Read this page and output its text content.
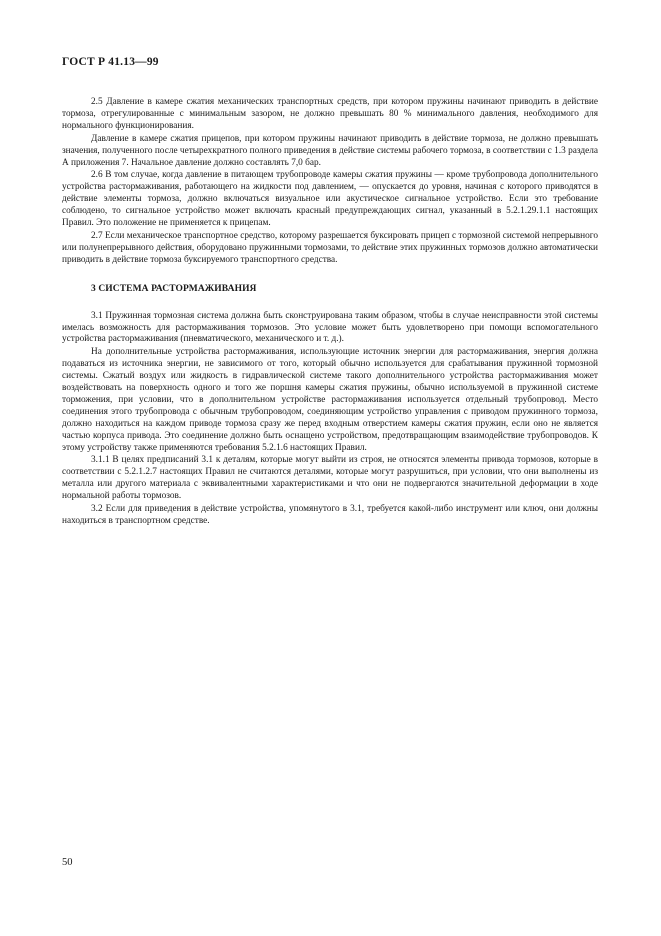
ГОСТ Р 41.13—99

2.5 Давление в камере сжатия механических транспортных средств, при котором пружины начинают приводить в действие тормоза, отрегулированные с минимальным зазором, не должно превышать 80 % минимального давления, необходимого для нормального функционирования.

Давление в камере сжатия прицепов, при котором пружины начинают приводить в действие тормоза, не должно превышать значения, полученного после четырехкратного полного приведения в действие системы рабочего тормоза, в соответствии с 1.3 раздела А приложения 7. Начальное давление должно составлять 7,0 бар.

2.6 В том случае, когда давление в питающем трубопроводе камеры сжатия пружины — кроме трубопровода дополнительного устройства растормаживания, работающего на жидкости под давлением, — опускается до уровня, начиная с которого приводятся в действие элементы тормоза, должно включаться визуальное или акустическое сигнальное устройство. Если это требование соблюдено, то сигнальное устройство может включать красный предупреждающих сигнал, указанный в 5.2.1.29.1.1 настоящих Правил. Это положение не применяется к прицепам.

2.7 Если механическое транспортное средство, которому разрешается буксировать прицеп с тормозной системой непрерывного или полунепрерывного действия, оборудовано пружинными тормозами, то действие этих пружинных тормозов должно автоматически приводить в действие тормоза буксируемого транспортного средства.

3 СИСТЕМА РАСТОРМАЖИВАНИЯ

3.1 Пружинная тормозная система должна быть сконструирована таким образом, чтобы в случае неисправности этой системы имелась возможность для растормаживания тормозов. Это условие может быть удовлетворено при помощи вспомогательного устройства растормаживания (пневматического, механического и т. д.).

На дополнительные устройства растормаживания, использующие источник энергии для растормаживания, энергия должна подаваться из источника энергии, не зависимого от того, который обычно используется для срабатывания пружинной тормозной системы. Сжатый воздух или жидкость в гидравлической системе такого дополнительного устройства растормаживания может воздействовать на поверхность одного и того же поршня камеры сжатия пружины, обычно используемой в пружинной системе торможения, при условии, что в дополнительном устройстве растормаживания используется отдельный трубопровод. Место соединения этого трубопровода с обычным трубопроводом, соединяющим устройство управления с приводом пружинного тормоза, должно находиться на каждом приводе тормоза сразу же перед входным отверстием камеры сжатия пружин, если оно не является частью корпуса привода. Это соединение должно быть оснащено устройством, предотвращающим взаимодействие трубопроводов. К этому устройству также применяются требования 5.2.1.6 настоящих Правил.

3.1.1 В целях предписаний 3.1 к деталям, которые могут выйти из строя, не относятся элементы привода тормозов, которые в соответствии с 5.2.1.2.7 настоящих Правил не считаются деталями, которые могут разрушиться, при условии, что они выполнены из металла или другого материала с эквивалентными характеристиками и что они не подвергаются значительной деформации в ходе нормальной работы тормозов.

3.2 Если для приведения в действие устройства, упомянутого в 3.1, требуется какой-либо инструмент или ключ, они должны находиться в транспортном средстве.

50
